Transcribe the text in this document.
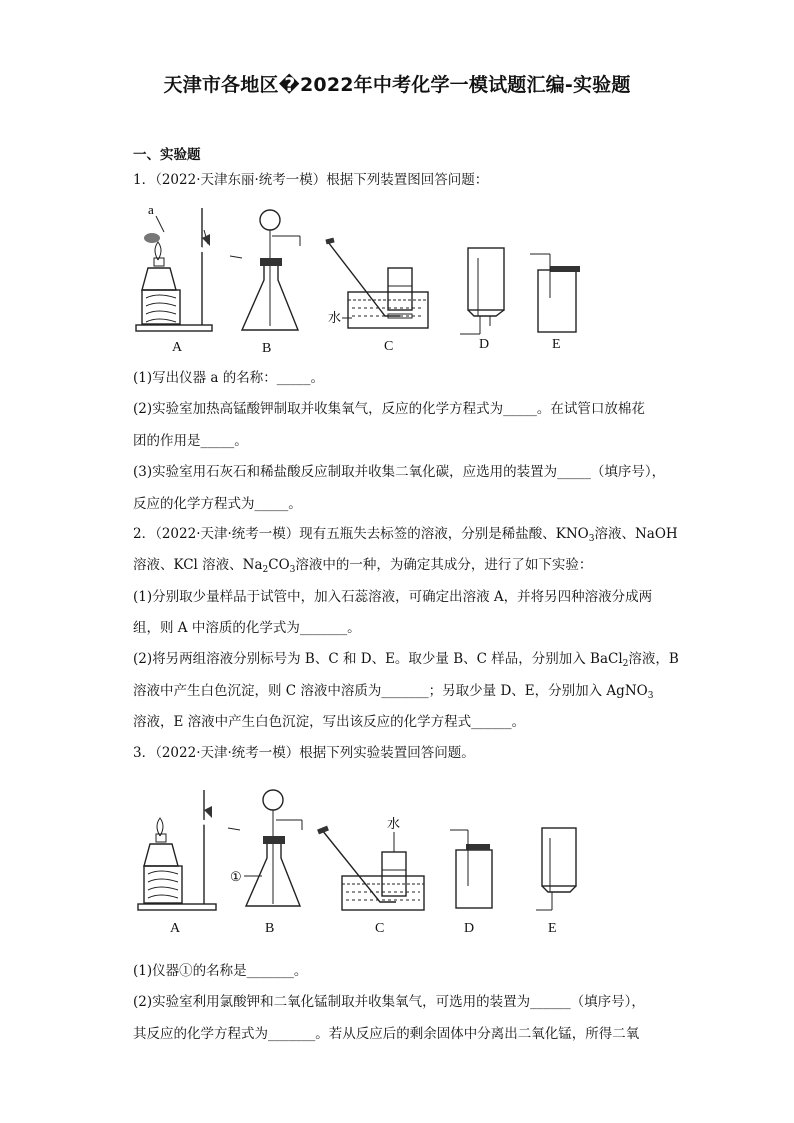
天津市各地区�2022年中考化学一模试题汇编-实验题
一、实验题
1．（2022·天津东丽·统考一模）根据下列装置图回答问题：
a
水
A	B	C	D	E
(1)写出仪器 a 的名称：_____。
(2)实验室加热高锰酸钾制取并收集氧气，反应的化学方程式为_____。在试管口放棉花
团的作用是_____。
(3)实验室用石灰石和稀盐酸反应制取并收集二氧化碳，应选用的装置为_____（填序号），
反应的化学方程式为_____。
2．（2022·天津·统考一模）现有五瓶失去标签的溶液，分别是稀盐酸、$KNO_3$溶液、NaOH
溶液、KCl 溶液、$Na_2CO_3$溶液中的一种，为确定其成分，进行了如下实验：
(1)分别取少量样品于试管中，加入石蕊溶液，可确定出溶液 A，并将另四种溶液分成两
组，则 A 中溶质的化学式为_______。
(2)将另两组溶液分别标号为 B、C 和 D、E。取少量 B、C 样品，分别加入 BaCl$_2$溶液，B
溶液中产生白色沉淀，则 C 溶液中溶质为_______；另取少量 D、E，分别加入 AgNO$_3$
溶液，E 溶液中产生白色沉淀，写出该反应的化学方程式______。
3．（2022·天津·统考一模）根据下列实验装置回答问题。
①
水
A	B	C	D	E
(1)仪器①的名称是_______。
(2)实验室利用氯酸钾和二氧化锰制取并收集氧气，可选用的装置为______（填序号），
其反应的化学方程式为_______。若从反应后的剩余固体中分离出二氧化锰，所得二氧
